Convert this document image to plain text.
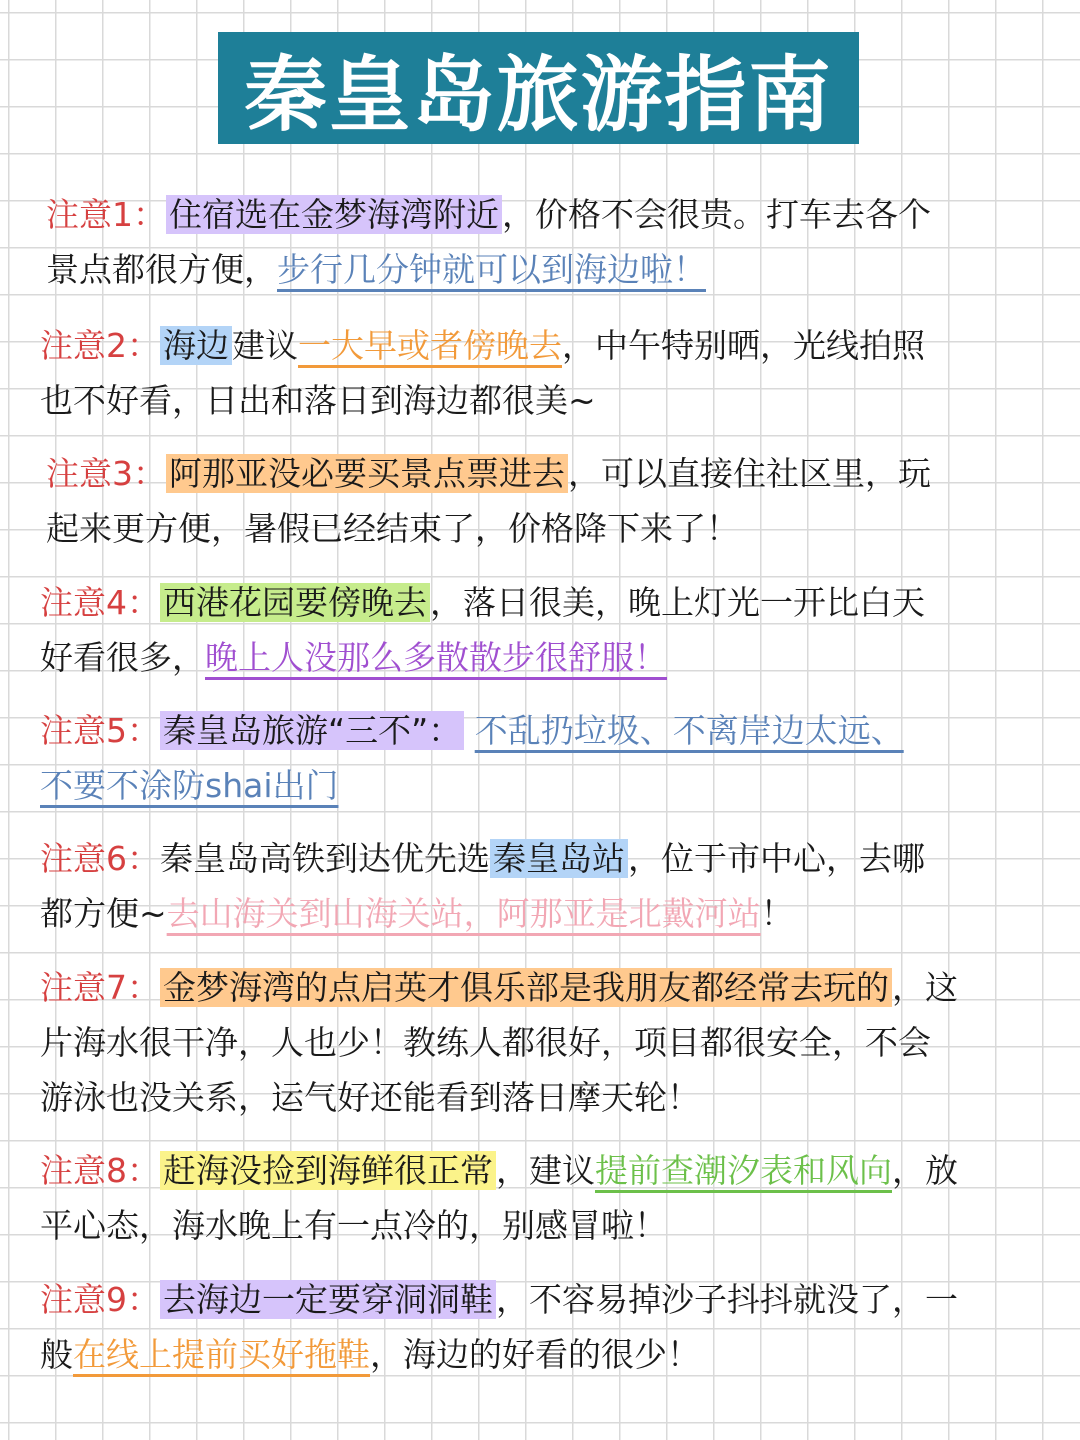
秦皇岛旅游指南
注意1：住宿选在金梦海湾附近，价格不会很贵。打车去各个
景点都很方便，步行几分钟就可以到海边啦！
注意2：海边建议一大早或者傍晚去，中午特别晒，光线拍照
也不好看，日出和落日到海边都很美~
注意3：阿那亚没必要买景点票进去，可以直接住社区里，玩
起来更方便，暑假已经结束了，价格降下来了！
注意4：西港花园要傍晚去，落日很美，晚上灯光一开比白天
好看很多，晚上人没那么多散散步很舒服！
注意5：秦皇岛旅游“三不”： 不乱扔垃圾、不离岸边太远、
不要不涂防shai出门
注意6：秦皇岛高铁到达优先选秦皇岛站，位于市中心，去哪
都方便~去山海关到山海关站，阿那亚是北戴河站！
注意7：金梦海湾的点启英才俱乐部是我朋友都经常去玩的，这
片海水很干净，人也少！教练人都很好，项目都很安全，不会
游泳也没关系，运气好还能看到落日摩天轮！
注意8：赶海没捡到海鲜很正常，建议提前查潮汐表和风向，放
平心态，海水晚上有一点冷的，别感冒啦！
注意9：去海边一定要穿洞洞鞋，不容易掉沙子抖抖就没了，一
般在线上提前买好拖鞋，海边的好看的很少！
